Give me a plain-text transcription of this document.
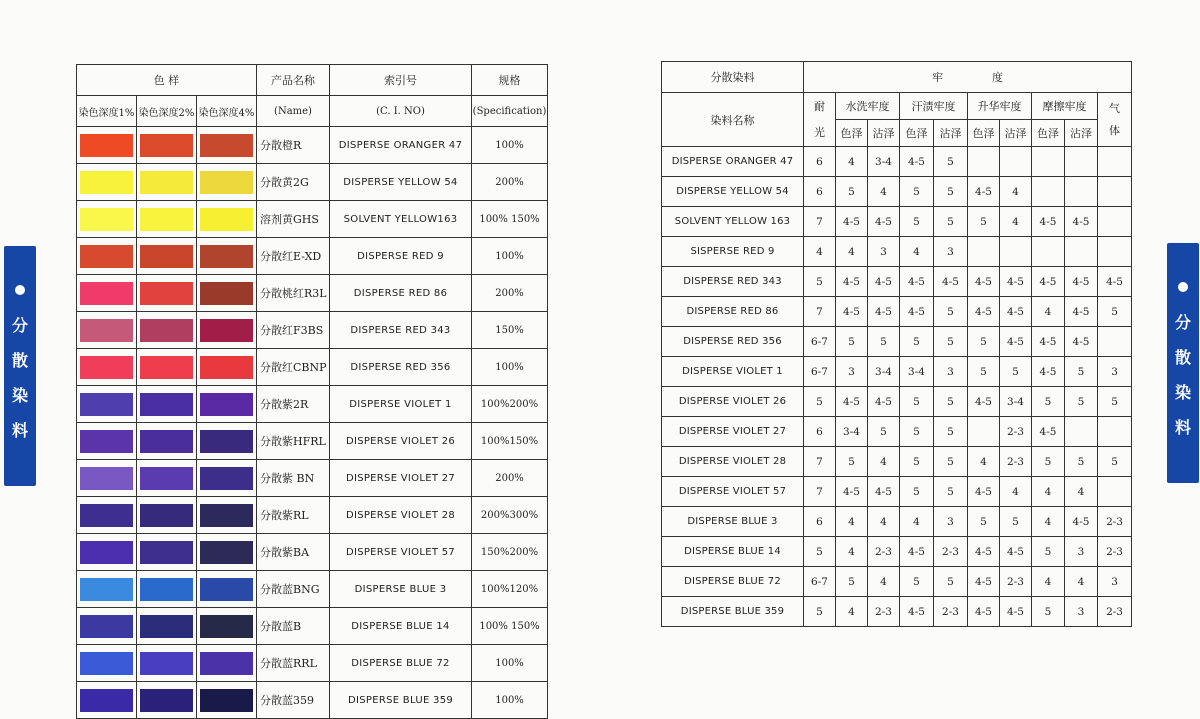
分
散
染
料
分
散
染
料
色 样			产品名称	索引号	规格
染色深度1%	染色深度2%	染色深度4%	(Name)	(C. I. NO)	(Specification)

	分散橙R	DISPERSE ORANGER 47	100%

	分散黄2G	DISPERSE YELLOW 54	200%

	溶剂黄GHS	SOLVENT YELLOW163	100% 150%

	分散红E-XD	DISPERSE RED 9	100%

	分散桃红R3L	DISPERSE RED 86	200%

	分散红F3BS	DISPERSE RED 343	150%

	分散红CBNP	DISPERSE RED 356	100%

	分散紫2R	DISPERSE VIOLET 1	100%200%

	分散紫HFRL	DISPERSE VIOLET 26	100%150%

	分散紫 BN	DISPERSE VIOLET 27	200%

	分散紫RL	DISPERSE VIOLET 28	200%300%

	分散紫BA	DISPERSE VIOLET 57	150%200%

	分散蓝BNG	DISPERSE BLUE 3	100%120%

	分散蓝B	DISPERSE BLUE 14	100% 150%

	分散蓝RRL	DISPERSE BLUE 72	100%

	分散蓝359	DISPERSE BLUE 359	100%
分散染料	牢              度									
染料名称	耐光	水洗牢度		汗渍牢度		升华牢度		摩擦牢度		气体
		色泽	沾泽	色泽	沾泽	色泽	沾泽	色泽	沾泽	
DISPERSE ORANGER 47	6	4	3-4	4-5	5					
DISPERSE YELLOW 54	6	5	4	5	5	4-5	4			
SOLVENT YELLOW 163	7	4-5	4-5	5	5	5	4	4-5	4-5	
SISPERSE RED 9	4	4	3	4	3					
DISPERSE RED 343	5	4-5	4-5	4-5	4-5	4-5	4-5	4-5	4-5	4-5
DISPERSE RED 86	7	4-5	4-5	4-5	5	4-5	4-5	4	4-5	5
DISPERSE RED 356	6-7	5	5	5	5	5	4-5	4-5	4-5	
DISPERSE VIOLET 1	6-7	3	3-4	3-4	3	5	5	4-5	5	3
DISPERSE VIOLET 26	5	4-5	4-5	5	5	4-5	3-4	5	5	5
DISPERSE VIOLET 27	6	3-4	5	5	5		2-3	4-5		
DISPERSE VIOLET 28	7	5	4	5	5	4	2-3	5	5	5
DISPERSE VIOLET 57	7	4-5	4-5	5	5	4-5	4	4	4	
DISPERSE BLUE 3	6	4	4	4	3	5	5	4	4-5	2-3
DISPERSE BLUE 14	5	4	2-3	4-5	2-3	4-5	4-5	5	3	2-3
DISPERSE BLUE 72	6-7	5	4	5	5	4-5	2-3	4	4	3
DISPERSE BLUE 359	5	4	2-3	4-5	2-3	4-5	4-5	5	3	2-3
